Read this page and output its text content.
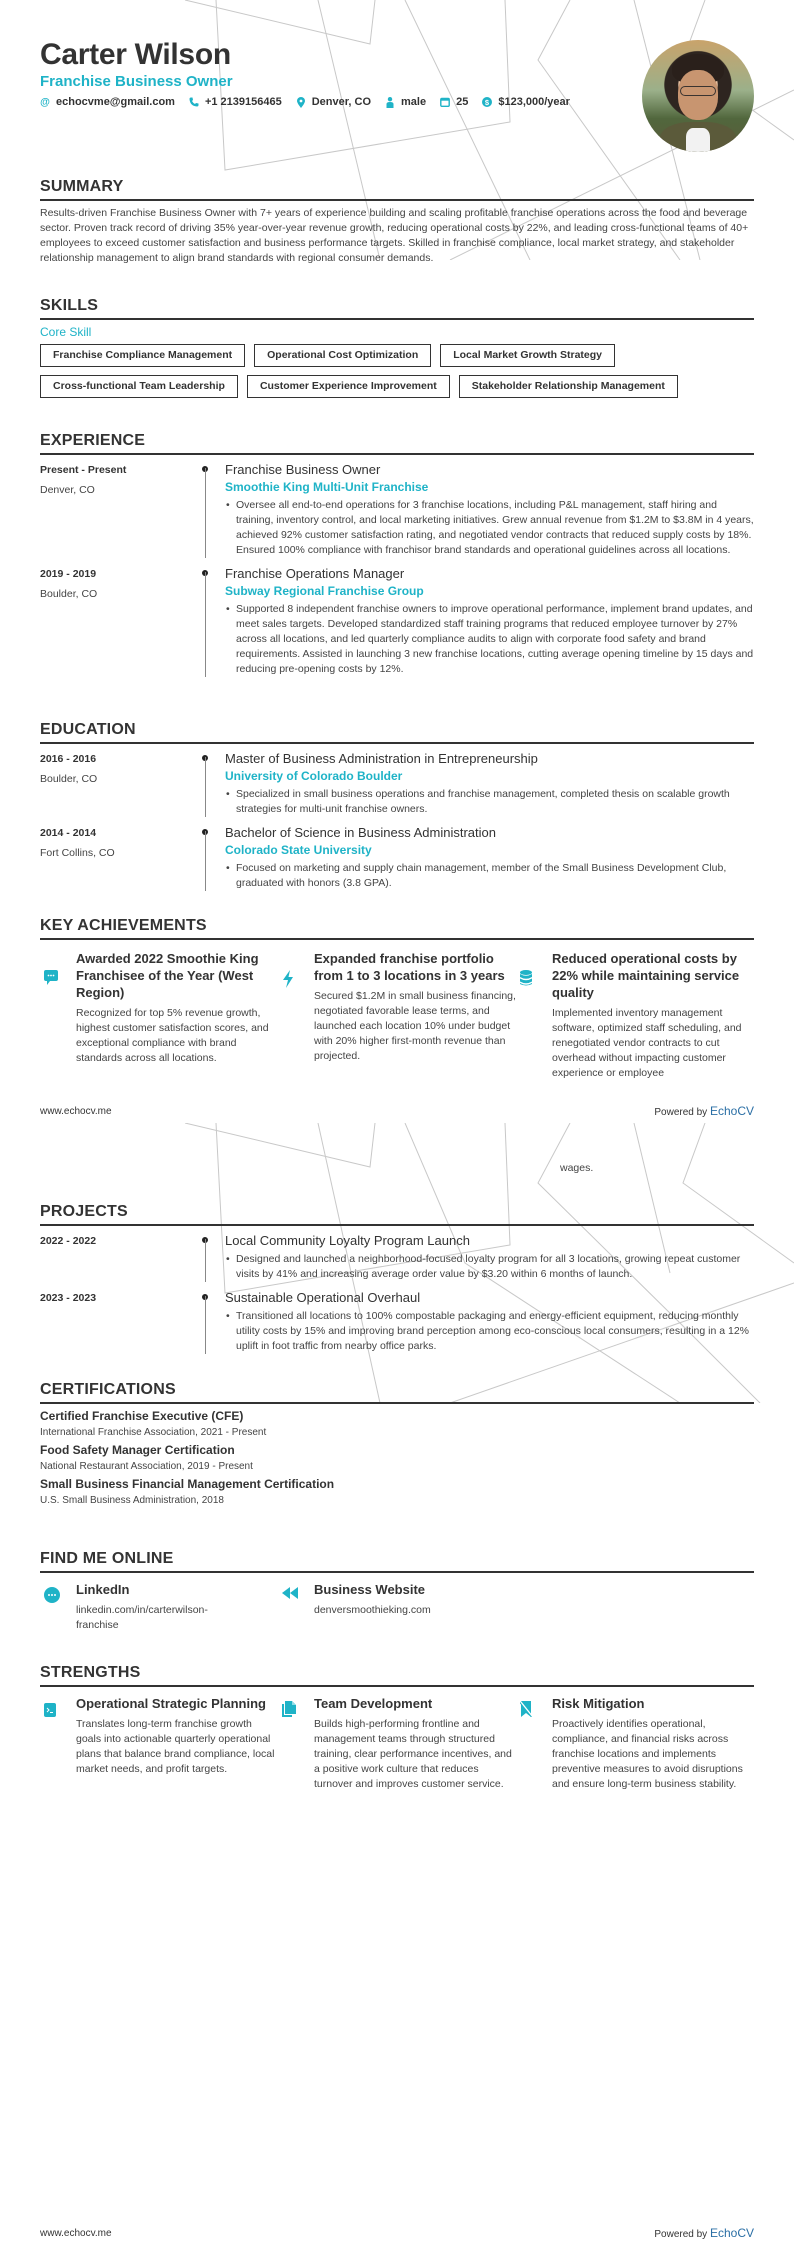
Carter Wilson
Franchise Business Owner
@ echocvme@gmail.com	+1 2139156465	Denver, CO	male	25 $ $123,000/year
SUMMARY
Results-driven Franchise Business Owner with 7+ years of experience building and scaling profitable franchise operations across the food and beverage sector. Proven track record of driving 35% year-over-year revenue growth, reducing operational costs by 22%, and leading cross-functional teams of 40+ employees to exceed customer satisfaction and business performance targets. Skilled in franchise compliance, local market strategy, and stakeholder relationship management to align brand standards with regional consumer demands.
SKILLS
Core Skill
Franchise Compliance Management	Operational Cost Optimization	Local Market Growth Strategy
Cross-functional Team Leadership	Customer Experience Improvement	Stakeholder Relationship Management
EXPERIENCE
Present - Present
Denver, CO
Franchise Business Owner
Smoothie King Multi-Unit Franchise
• Oversee all end-to-end operations for 3 franchise locations, including P&L management, staff hiring and training, inventory control, and local marketing initiatives. Grew annual revenue from $1.2M to $3.8M in 4 years, achieved 92% customer satisfaction rating, and negotiated vendor contracts that reduced supply costs by 18%. Ensured 100% compliance with franchisor brand standards and operational guidelines across all locations.
2019 - 2019
Boulder, CO
Franchise Operations Manager
Subway Regional Franchise Group
• Supported 8 independent franchise owners to improve operational performance, implement brand updates, and meet sales targets. Developed standardized staff training programs that reduced employee turnover by 27% across all locations, and led quarterly compliance audits to align with corporate food safety and brand requirements. Assisted in launching 3 new franchise locations, cutting average opening timeline by 15 days and reducing pre-opening costs by 12%.
EDUCATION
2016 - 2016
Boulder, CO
Master of Business Administration in Entrepreneurship
University of Colorado Boulder
• Specialized in small business operations and franchise management, completed thesis on scalable growth strategies for multi-unit franchise owners.
2014 - 2014
Fort Collins, CO
Bachelor of Science in Business Administration
Colorado State University
• Focused on marketing and supply chain management, member of the Small Business Development Club, graduated with honors (3.8 GPA).
KEY ACHIEVEMENTS
Awarded 2022 Smoothie King Franchisee of the Year (West Region)
Recognized for top 5% revenue growth, highest customer satisfaction scores, and exceptional compliance with brand standards across all locations.
Expanded franchise portfolio from 1 to 3 locations in 3 years
Secured $1.2M in small business financing, negotiated favorable lease terms, and launched each location 10% under budget with 20% higher first-month revenue than projected.
Reduced operational costs by 22% while maintaining service quality
Implemented inventory management software, optimized staff scheduling, and renegotiated vendor contracts to cut overhead without impacting customer experience or employee
www.echocv.me	Powered by EchoCV
wages.
PROJECTS
2022 - 2022	Local Community Loyalty Program Launch
• Designed and launched a neighborhood-focused loyalty program for all 3 locations, growing repeat customer visits by 41% and increasing average order value by $3.20 within 6 months of launch.
2023 - 2023	Sustainable Operational Overhaul
• Transitioned all locations to 100% compostable packaging and energy-efficient equipment, reducing monthly utility costs by 15% and improving brand perception among eco-conscious local consumers, resulting in a 12% uplift in foot traffic from nearby office parks.
CERTIFICATIONS
Certified Franchise Executive (CFE)
International Franchise Association, 2021 - Present
Food Safety Manager Certification
National Restaurant Association, 2019 - Present
Small Business Financial Management Certification
U.S. Small Business Administration, 2018
FIND ME ONLINE
LinkedIn
linkedin.com/in/carterwilson-franchise
Business Website
denversmoothieking.com
STRENGTHS
Operational Strategic Planning
Translates long-term franchise growth goals into actionable quarterly operational plans that balance brand compliance, local market needs, and profit targets.
Team Development
Builds high-performing frontline and management teams through structured training, clear performance incentives, and a positive work culture that reduces turnover and improves customer service.
Risk Mitigation
Proactively identifies operational, compliance, and financial risks across franchise locations and implements preventive measures to avoid disruptions and ensure long-term business stability.
www.echocv.me	Powered by EchoCV
